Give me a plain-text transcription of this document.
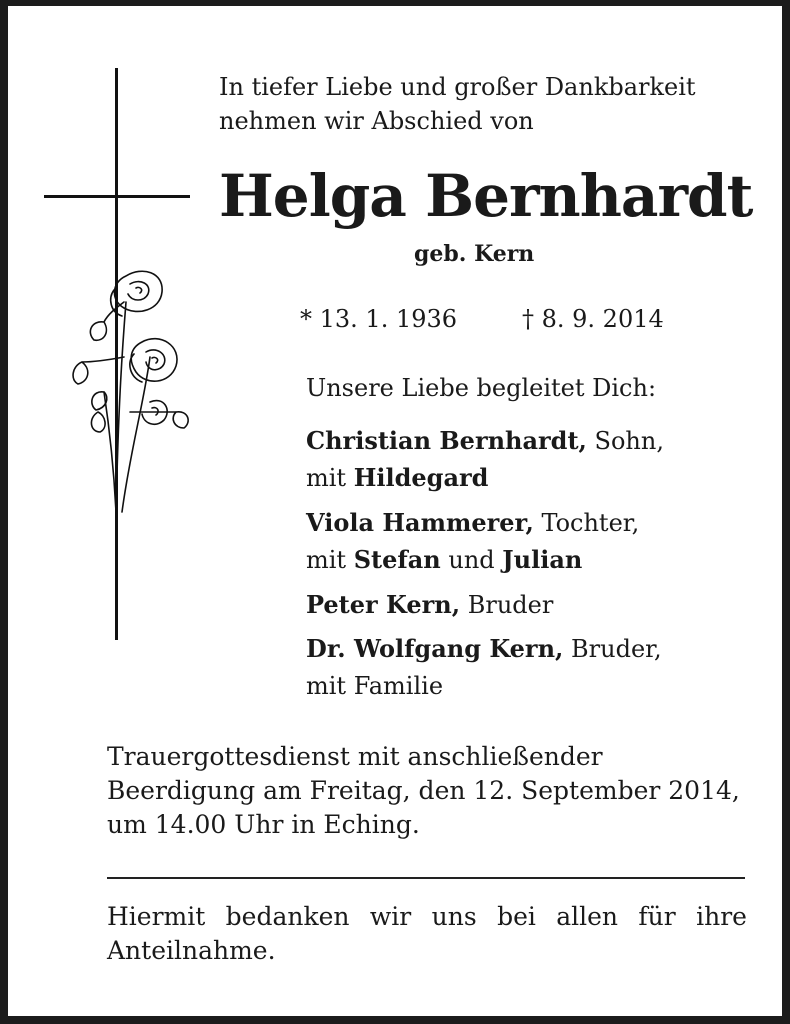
In tiefer Liebe und großer Dankbarkeit
nehmen wir Abschied von
Helga Bernhardt

geb. Kern

* 13. 1. 1936	† 8. 9. 2014
Unsere Liebe begleitet Dich:
Christian Bernhardt, Sohn,
mit Hildegard
Viola Hammerer, Tochter,
mit Stefan und Julian
Peter Kern, Bruder
Dr. Wolfgang Kern, Bruder,
mit Familie

Trauergottesdienst mit anschließender
Beerdigung am Freitag, den 12. September 2014,
um 14.00 Uhr in Eching.

Hiermit bedanken wir uns bei allen für ihre
Anteilnahme.
